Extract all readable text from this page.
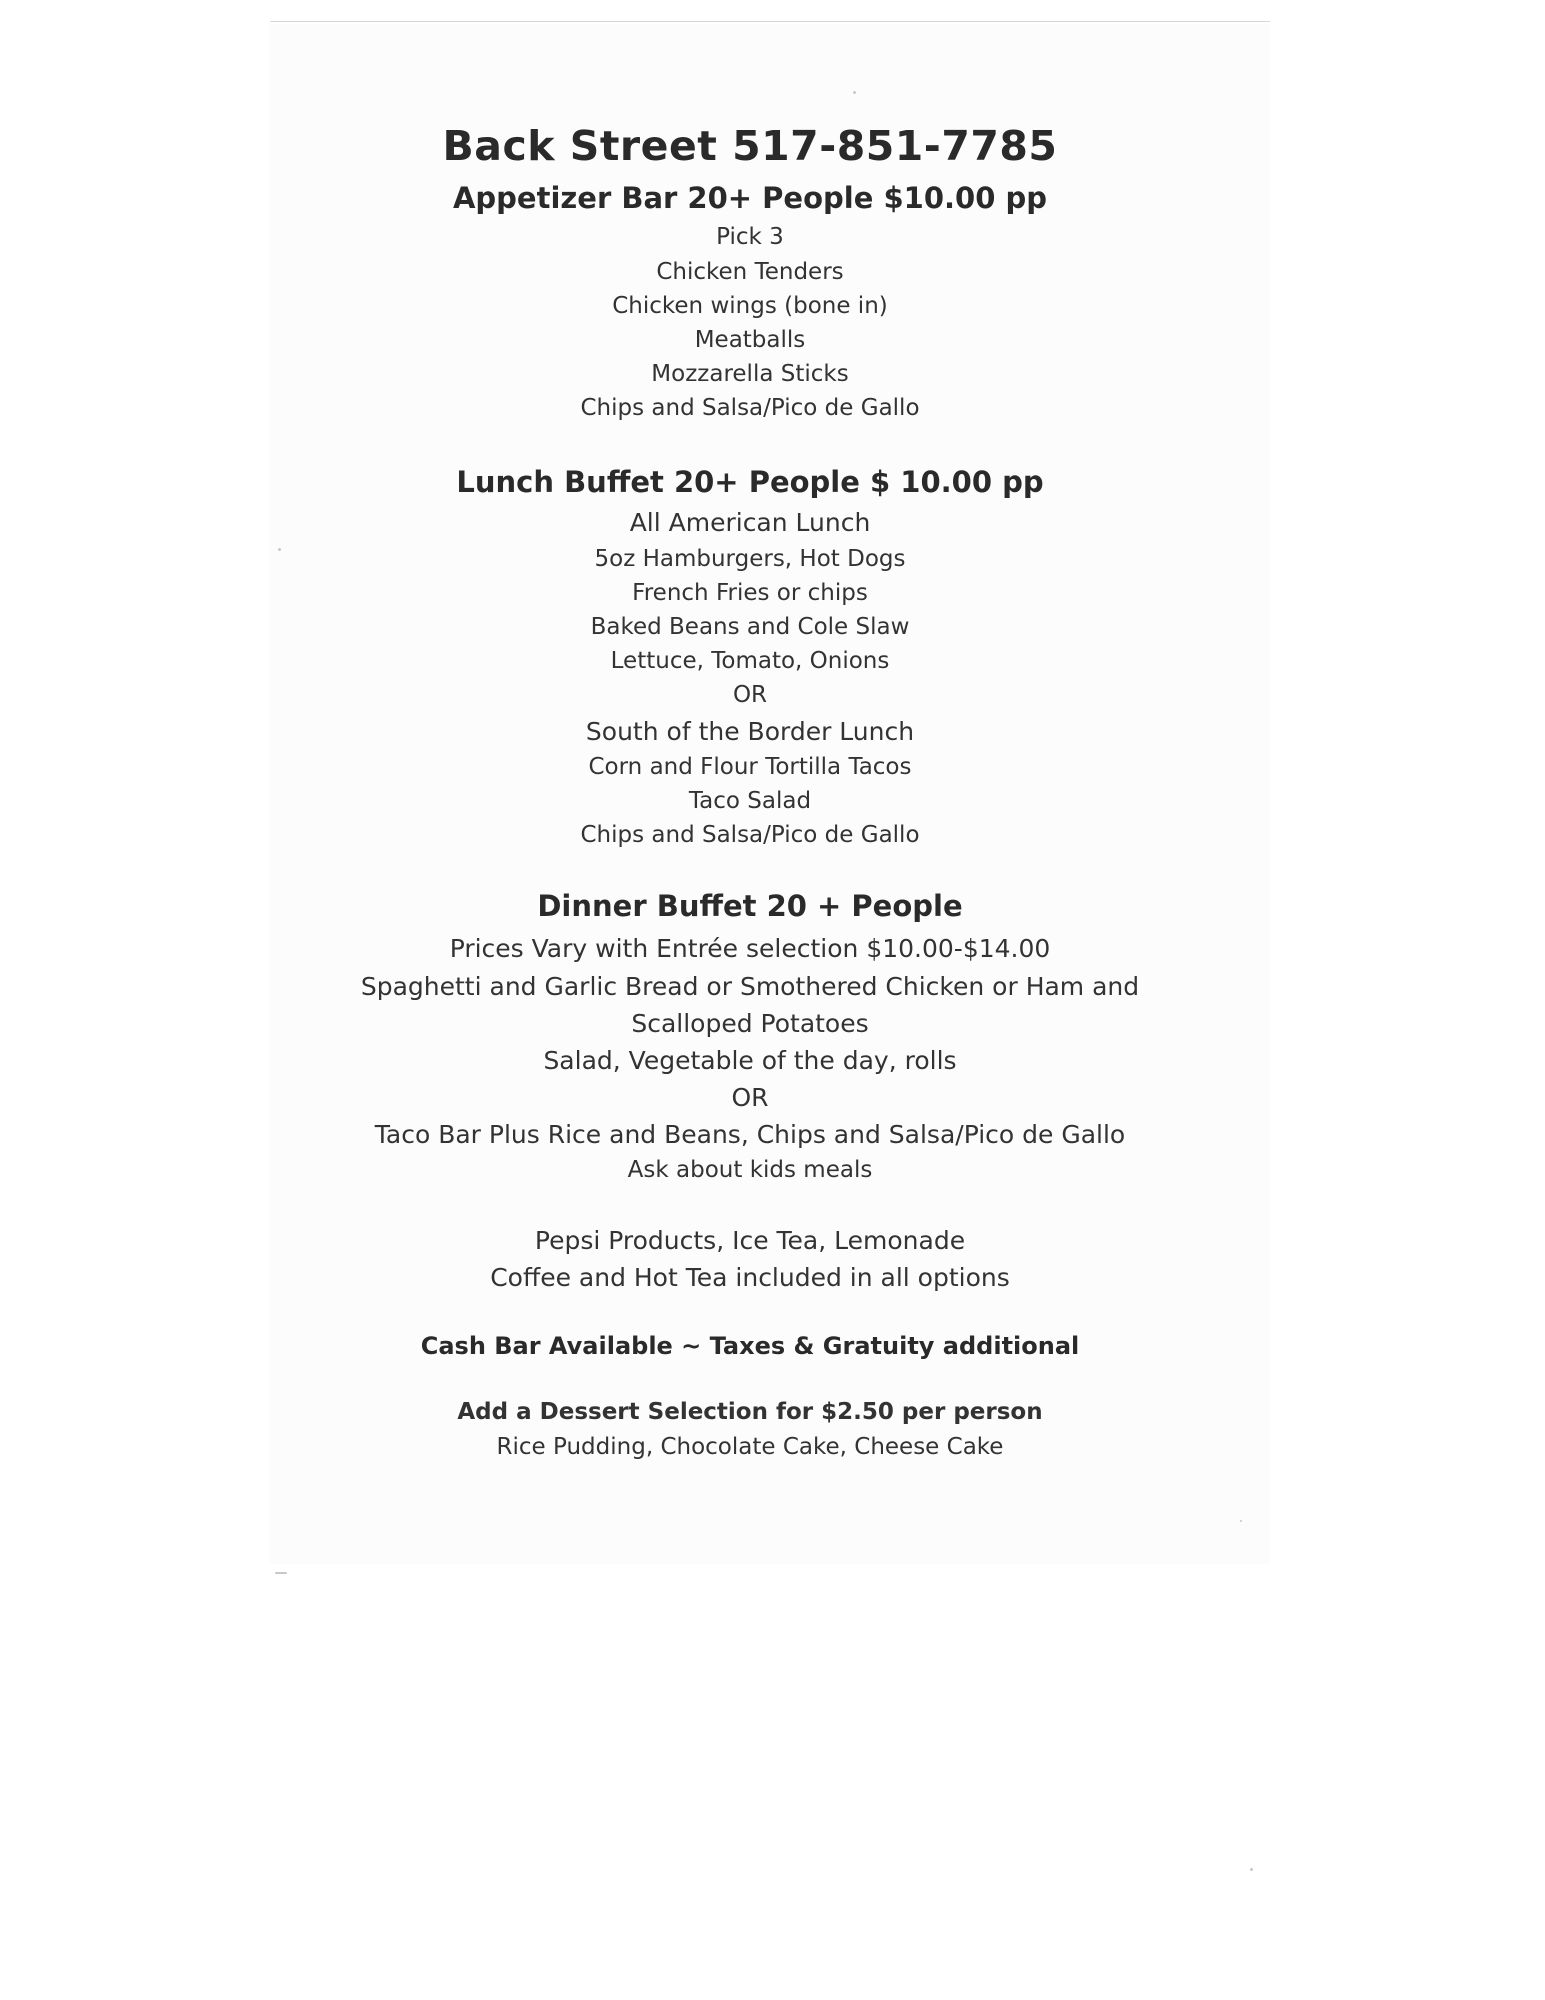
Back Street 517-851-7785
Appetizer Bar 20+ People $10.00 pp
Pick 3
Chicken Tenders
Chicken wings (bone in)
Meatballs
Mozzarella Sticks
Chips and Salsa/Pico de Gallo
Lunch Buffet 20+ People $ 10.00 pp
All American Lunch
5oz Hamburgers, Hot Dogs
French Fries or chips
Baked Beans and Cole Slaw
Lettuce, Tomato, Onions
OR
South of the Border Lunch
Corn and Flour Tortilla Tacos
Taco Salad
Chips and Salsa/Pico de Gallo
Dinner Buffet 20 + People
Prices Vary with Entrée selection $10.00-$14.00
Spaghetti and Garlic Bread or Smothered Chicken or Ham and
Scalloped Potatoes
Salad, Vegetable of the day, rolls
OR
Taco Bar Plus Rice and Beans, Chips and Salsa/Pico de Gallo
Ask about kids meals
Pepsi Products, Ice Tea, Lemonade
Coffee and Hot Tea included in all options
Cash Bar Available ~ Taxes & Gratuity additional
Add a Dessert Selection for $2.50 per person
Rice Pudding, Chocolate Cake, Cheese Cake
